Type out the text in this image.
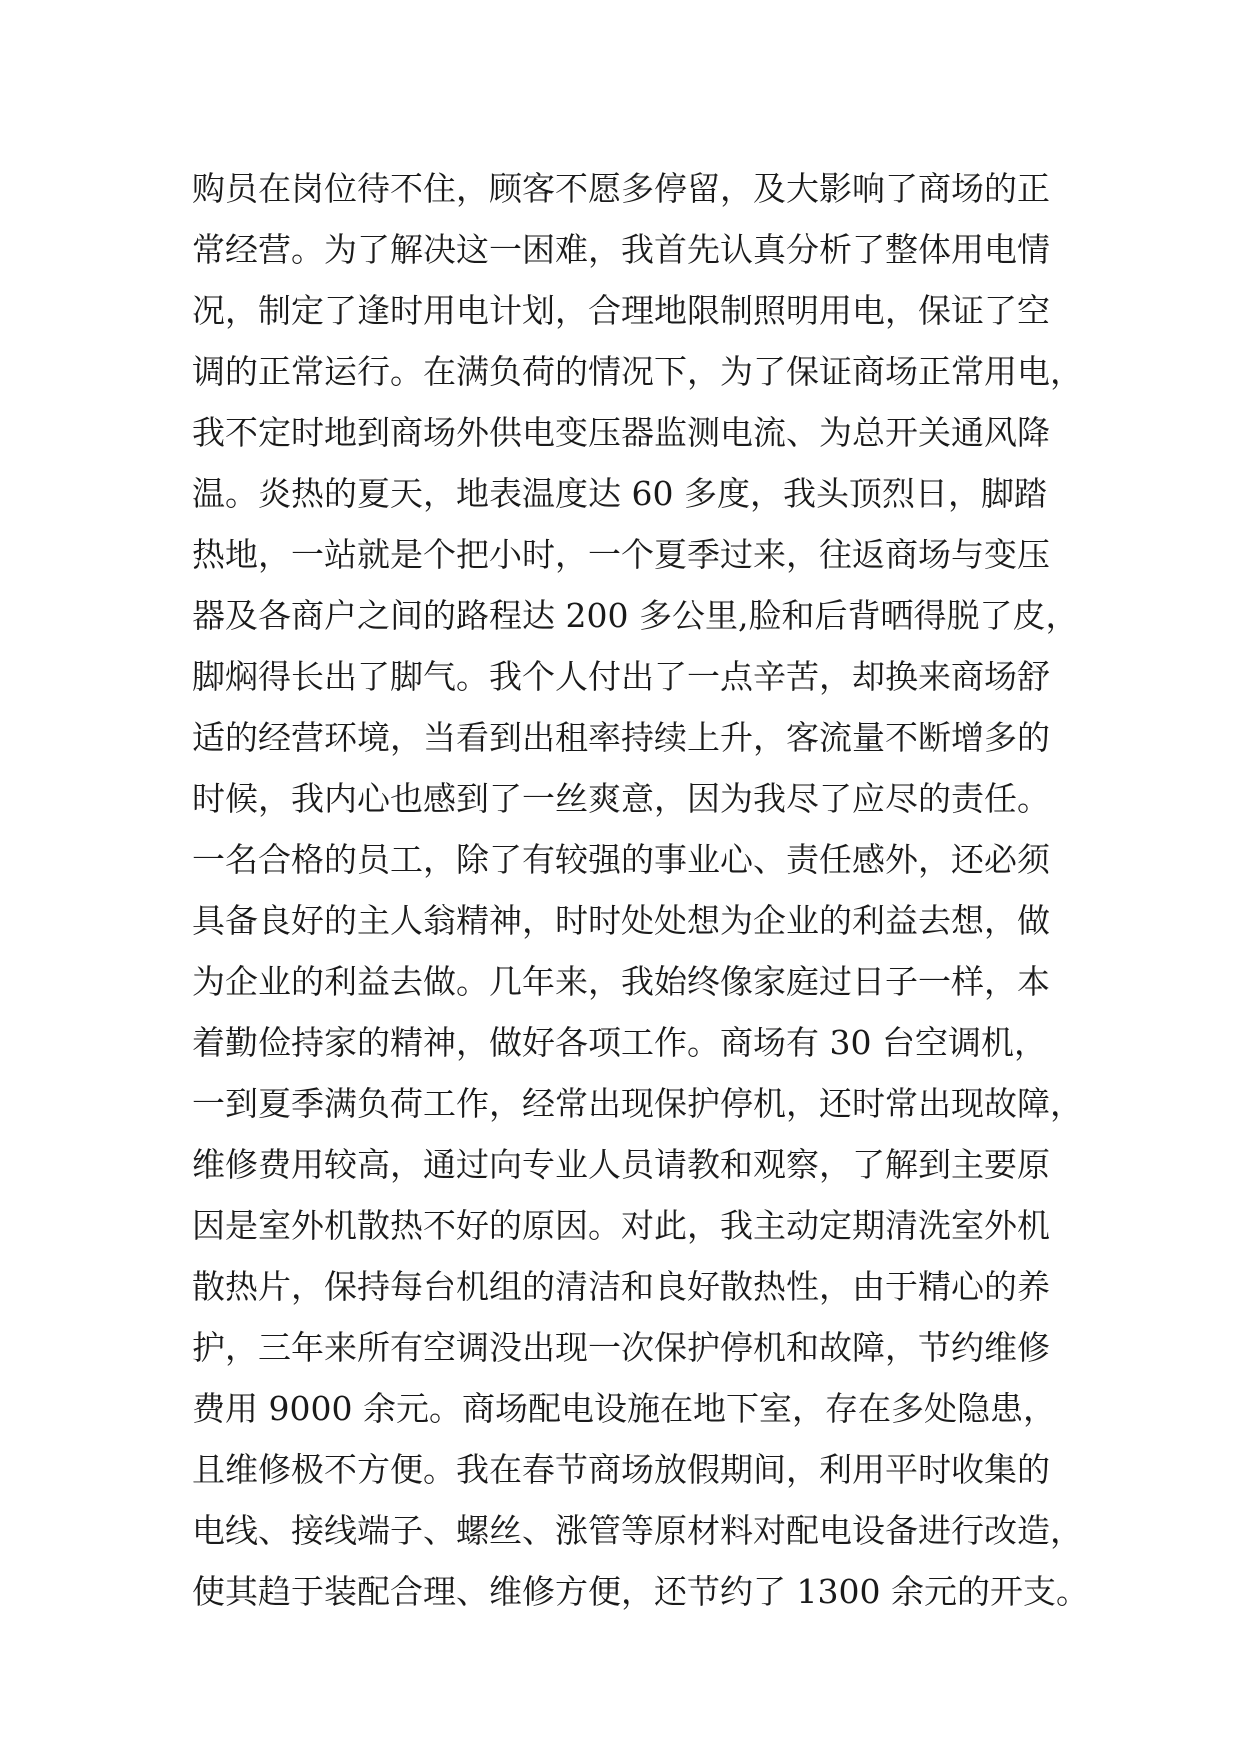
购员在岗位待不住，顾客不愿多停留，及大影响了商场的正
常经营。为了解决这一困难，我首先认真分析了整体用电情
况，制定了逢时用电计划，合理地限制照明用电，保证了空
调的正常运行。在满负荷的情况下，为了保证商场正常用电，
我不定时地到商场外供电变压器监测电流、为总开关通风降
温。炎热的夏天，地表温度达 60 多度，我头顶烈日，脚踏
热地，一站就是个把小时，一个夏季过来，往返商场与变压
器及各商户之间的路程达 200 多公里,脸和后背晒得脱了皮，
脚焖得长出了脚气。我个人付出了一点辛苦，却换来商场舒
适的经营环境，当看到出租率持续上升，客流量不断增多的
时候，我内心也感到了一丝爽意，因为我尽了应尽的责任。
一名合格的员工，除了有较强的事业心、责任感外，还必须
具备良好的主人翁精神，时时处处想为企业的利益去想，做
为企业的利益去做。几年来，我始终像家庭过日子一样，本
着勤俭持家的精神，做好各项工作。商场有 30 台空调机，
一到夏季满负荷工作，经常出现保护停机，还时常出现故障，
维修费用较高，通过向专业人员请教和观察，了解到主要原
因是室外机散热不好的原因。对此，我主动定期清洗室外机
散热片，保持每台机组的清洁和良好散热性，由于精心的养
护，三年来所有空调没出现一次保护停机和故障，节约维修
费用 9000 余元。商场配电设施在地下室，存在多处隐患，
且维修极不方便。我在春节商场放假期间，利用平时收集的
电线、接线端子、螺丝、涨管等原材料对配电设备进行改造，
使其趋于装配合理、维修方便，还节约了 1300 余元的开支。
